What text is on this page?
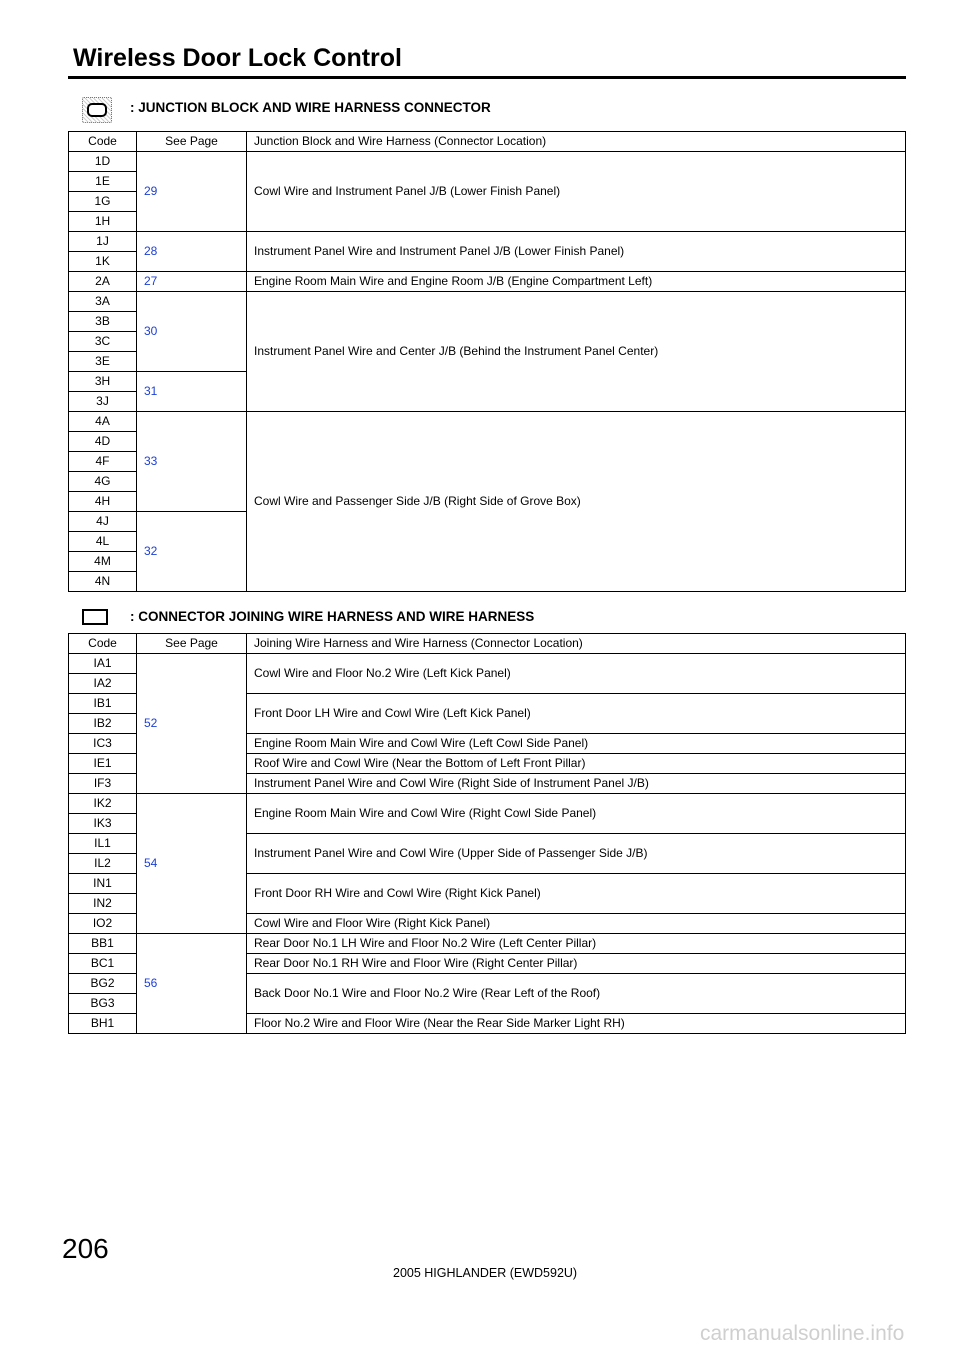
Wireless Door Lock Control
: JUNCTION BLOCK AND WIRE HARNESS CONNECTOR
Code	See Page	Junction Block and Wire Harness (Connector Location)
1D	29	Cowl Wire and Instrument Panel J/B (Lower Finish Panel)
1E		
1G		
1H		
1J	28	Instrument Panel Wire and Instrument Panel J/B (Lower Finish Panel)
1K		
2A	27	Engine Room Main Wire and Engine Room J/B (Engine Compartment Left)
3A	30	Instrument Panel Wire and Center J/B (Behind the Instrument Panel Center)
3B		
3C		
3E		
3H	31	
3J		
4A	33	Cowl Wire and Passenger Side J/B (Right Side of Grove Box)
4D		
4F		
4G		
4H		
4J	32	
4L		
4M		
4N		
: CONNECTOR JOINING WIRE HARNESS AND WIRE HARNESS
Code	See Page	Joining Wire Harness and Wire Harness (Connector Location)
IA1	52	Cowl Wire and Floor No.2 Wire (Left Kick Panel)
IA2		
IB1		Front Door LH Wire and Cowl Wire (Left Kick Panel)
IB2		
IC3		Engine Room Main Wire and Cowl Wire (Left Cowl Side Panel)
IE1		Roof Wire and Cowl Wire (Near the Bottom of Left Front Pillar)
IF3		Instrument Panel Wire and Cowl Wire (Right Side of Instrument Panel J/B)
IK2	54	Engine Room Main Wire and Cowl Wire (Right Cowl Side Panel)
IK3		
IL1		Instrument Panel Wire and Cowl Wire (Upper Side of Passenger Side J/B)
IL2		
IN1		Front Door RH Wire and Cowl Wire (Right Kick Panel)
IN2		
IO2		Cowl Wire and Floor Wire (Right Kick Panel)
BB1	56	Rear Door No.1 LH Wire and Floor No.2 Wire (Left Center Pillar)
BC1		Rear Door No.1 RH Wire and Floor Wire (Right Center Pillar)
BG2		Back Door No.1 Wire and Floor No.2 Wire (Rear Left of the Roof)
BG3		
BH1		Floor No.2 Wire and Floor Wire (Near the Rear Side Marker Light RH)
206
2005 HIGHLANDER (EWD592U)
carmanualsonline.info
